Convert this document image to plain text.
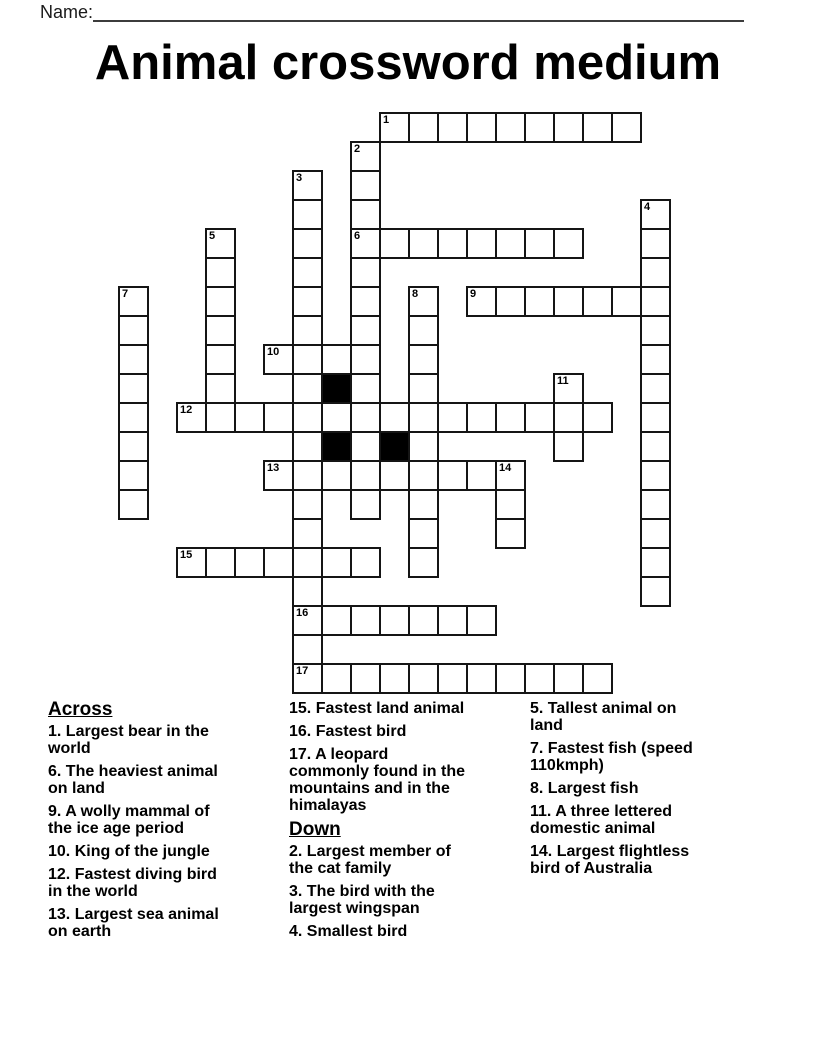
Name:
Animal crossword medium
1
2
6
3
16
17
4
5
7	8	9
10
11
12
13	14
15
Across
1. Largest bear in the
world
6. The heaviest animal
on land
9. A wolly mammal of
the ice age period
10. King of the jungle
12. Fastest diving bird
in the world
13. Largest sea animal
on earth
15. Fastest land animal
16. Fastest bird
17. A leopard
commonly found in the
mountains and in the
himalayas
Down
2. Largest member of
the cat family
3. The bird with the
largest wingspan
4. Smallest bird
5. Tallest animal on
land
7. Fastest fish (speed
110kmph)
8. Largest fish
11. A three lettered
domestic animal
14. Largest flightless
bird of Australia
